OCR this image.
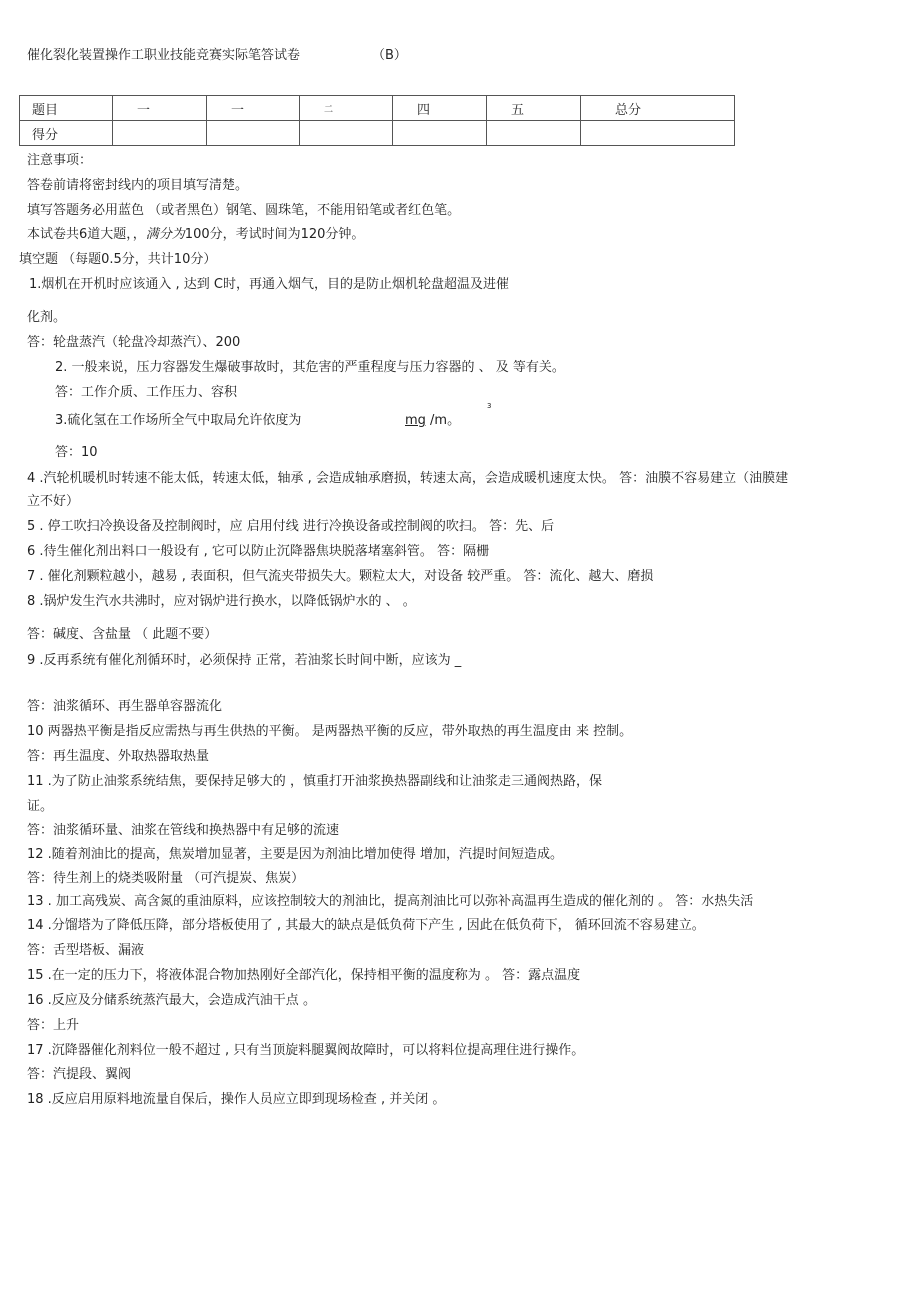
催化裂化装置操作工职业技能竞赛实际笔答试卷	（B）
题目	一	一	二	四	五	总分
得分						
注意事项：
答卷前请将密封线内的项目填写清楚。
填写答题务必用蓝色 （或者黑色）钢笔、圆珠笔，不能用铅笔或者红色笔。
本试卷共6道大题，，满分为100分，考试时间为120分钟。
填空题 （每题0.5分，共计10分）
1.烟机在开机时应该通入 , 达到 C时，再通入烟气，目的是防止烟机轮盘超温及进催
化剂。
答：轮盘蒸汽（轮盘冷却蒸汽）、200
2. 一般来说，压力容器发生爆破事故时，其危害的严重程度与压力容器的 、 及 等有关。
答：工作介质、工作压力、容积
3.硫化氢在工作场所全气中取局允许依度为	mg /m。
3
答：10
4 .汽轮机暖机时转速不能太低，转速太低，轴承 , 会造成轴承磨损，转速太高，会造成暖机速度太快。 答：油膜不容易建立（油膜建
立不好）
5 . 停工吹扫冷换设备及控制阀时，应 启用付线 进行冷换设备或控制阀的吹扫。 答：先、后
6 .待生催化剂出料口一般设有 , 它可以防止沉降器焦块脱落堵塞斜管。 答：隔栅
7 . 催化剂颗粒越小，越易 , 表面积，但气流夹带损失大。颗粒太大，对设备 较严重。 答：流化、越大、磨损
8 .锅炉发生汽水共沸时，应对锅炉进行换水，以降低锅炉水的 、 。
答：碱度、含盐量 （ 此题不要）
9 .反再系统有催化剂循环时，必须保持 正常，若油浆长时间中断，应该为 _
答：油浆循环、再生器单容器流化
10 两器热平衡是指反应需热与再生供热的平衡。 是两器热平衡的反应，带外取热的再生温度由 来 控制。
答：再生温度、外取热器取热量
11 .为了防止油浆系统结焦，要保持足够大的 ，慎重打开油浆换热器副线和让油浆走三通阀热路，保
证。
答：油浆循环量、油浆在管线和换热器中有足够的流速
12 .随着剂油比的提高，焦炭增加显著，主要是因为剂油比增加使得 增加，汽提时间短造成。
答：待生剂上的烧类吸附量 （可汽提炭、焦炭）
13 . 加工高残炭、高含氮的重油原料，应该控制较大的剂油比，提高剂油比可以弥补高温再生造成的催化剂的 。 答：水热失活
14 .分馏塔为了降低压降，部分塔板使用了 , 其最大的缺点是低负荷下产生 , 因此在低负荷下， 循环回流不容易建立。
答：舌型塔板、漏液
15 .在一定的压力下，将液体混合物加热刚好全部汽化，保持相平衡的温度称为 。 答：露点温度
16 .反应及分储系统蒸汽最大，会造成汽油干点 。
答：上升
17 .沉降器催化剂料位一般不超过 , 只有当顶旋料腿翼阀故障时，可以将料位提高理住进行操作。
答：汽提段、翼阀
18 .反应启用原料地流量自保后，操作人员应立即到现场检查 , 并关闭 。
